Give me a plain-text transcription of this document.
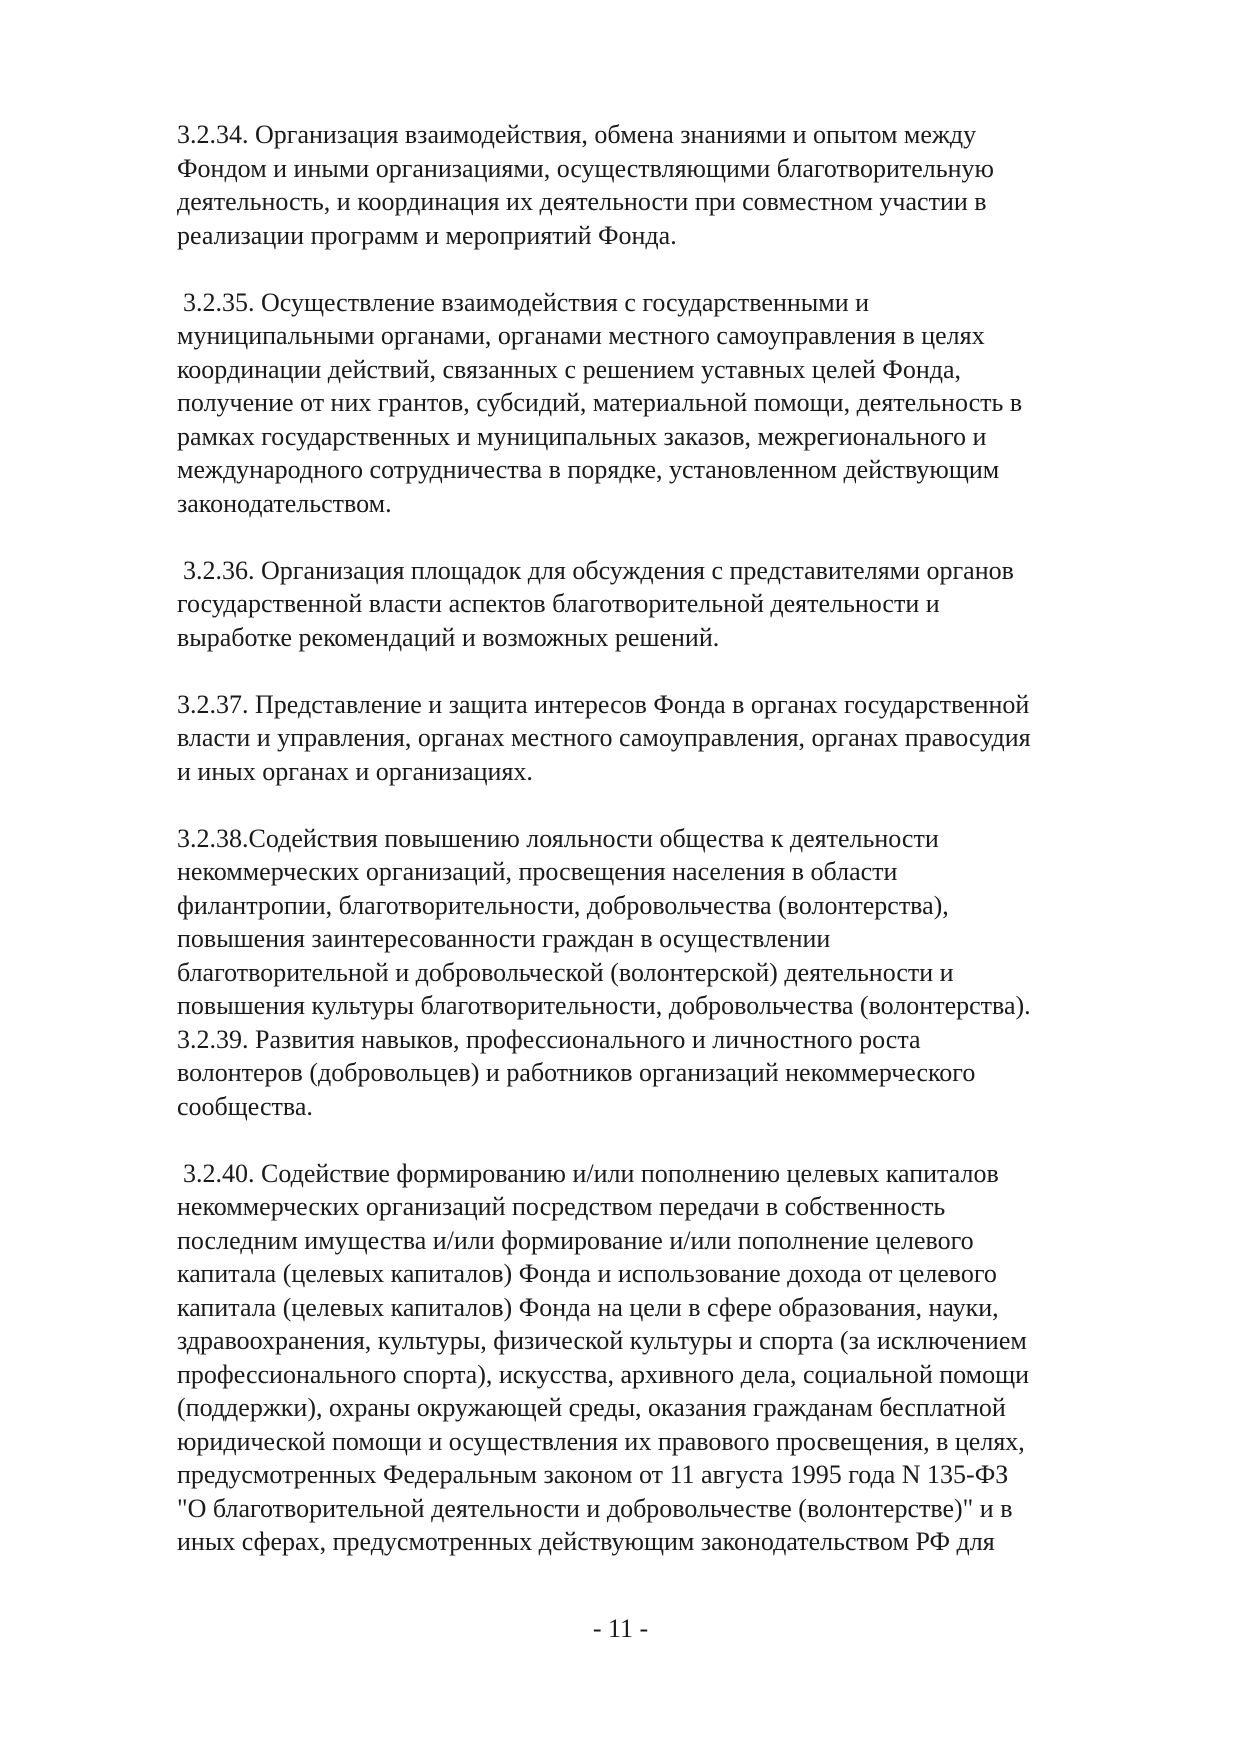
3.2.34. Организация взаимодействия, обмена знаниями и опытом между
Фондом и иными организациями, осуществляющими благотворительную
деятельность, и координация их деятельности при совместном участии в
реализации программ и мероприятий Фонда.

3.2.35. Осуществление взаимодействия с государственными и
муниципальными органами, органами местного самоуправления в целях
координации действий, связанных с решением уставных целей Фонда,
получение от них грантов, субсидий, материальной помощи, деятельность в
рамках государственных и муниципальных заказов, межрегионального и
международного сотрудничества в порядке, установленном действующим
законодательством.

3.2.36. Организация площадок для обсуждения с представителями органов
государственной власти аспектов благотворительной деятельности и
выработке рекомендаций и возможных решений.

3.2.37. Представление и защита интересов Фонда в органах государственной
власти и управления, органах местного самоуправления, органах правосудия
и иных органах и организациях.

3.2.38.Содействия повышению лояльности общества к деятельности
некоммерческих организаций, просвещения населения в области
филантропии, благотворительности, добровольчества (волонтерства),
повышения заинтересованности граждан в осуществлении
благотворительной и добровольческой (волонтерской) деятельности и
повышения культуры благотворительности, добровольчества (волонтерства).

3.2.39. Развития навыков, профессионального и личностного роста
волонтеров (добровольцев) и работников организаций некоммерческого
сообщества.

3.2.40. Содействие формированию и/или пополнению целевых капиталов
некоммерческих организаций посредством передачи в собственность
последним имущества и/или формирование и/или пополнение целевого
капитала (целевых капиталов) Фонда и использование дохода от целевого
капитала (целевых капиталов) Фонда на цели в сфере образования, науки,
здравоохранения, культуры, физической культуры и спорта (за исключением
профессионального спорта), искусства, архивного дела, социальной помощи
(поддержки), охраны окружающей среды, оказания гражданам бесплатной
юридической помощи и осуществления их правового просвещения, в целях,
предусмотренных Федеральным законом от 11 августа 1995 года N 135-ФЗ
"О благотворительной деятельности и добровольчестве (волонтерстве)" и в
иных сферах, предусмотренных действующим законодательством РФ для

- 11 -
